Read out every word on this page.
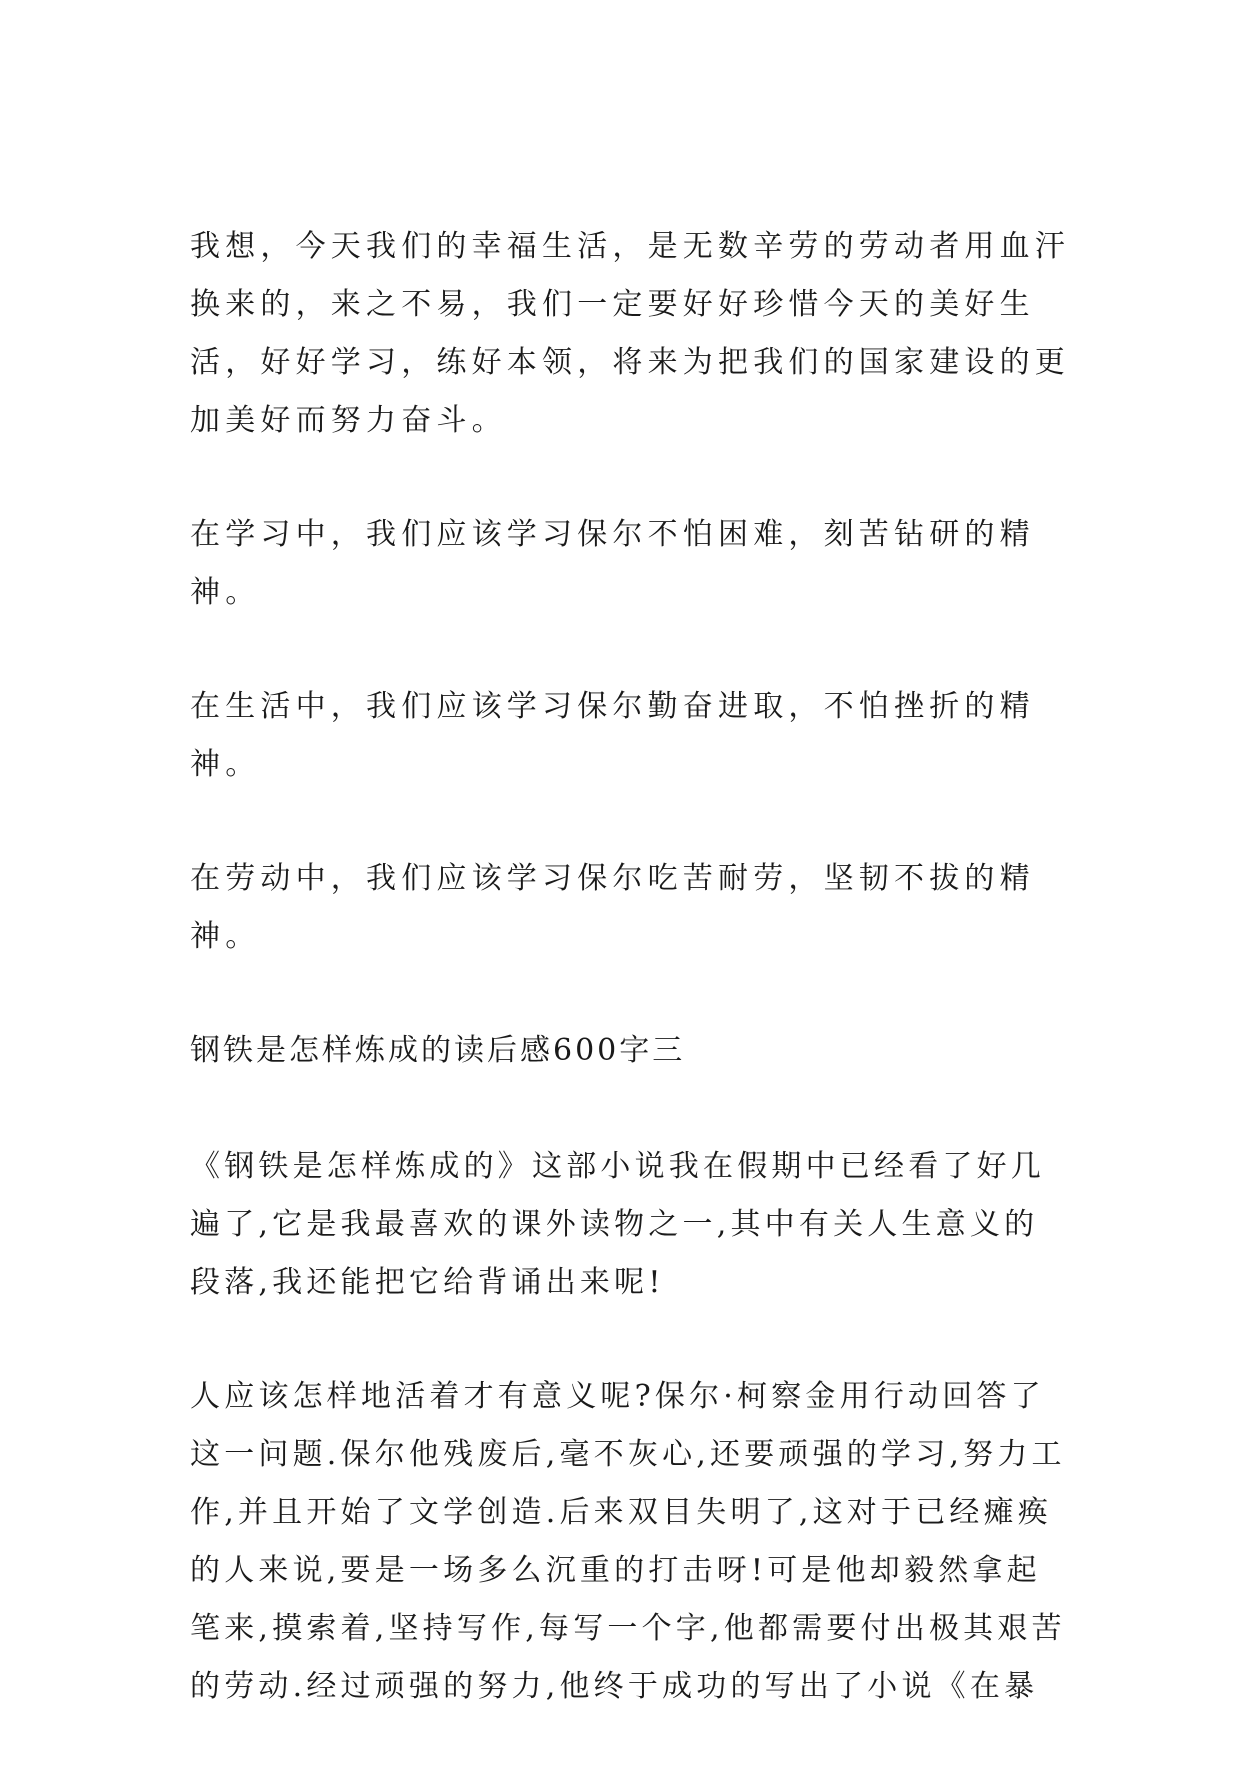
我想，今天我们的幸福生活，是无数辛劳的劳动者用血汗换来的，来之不易，我们一定要好好珍惜今天的美好生活，好好学习，练好本领，将来为把我们的国家建设的更加美好而努力奋斗。

在学习中，我们应该学习保尔不怕困难，刻苦钻研的精神。

在生活中，我们应该学习保尔勤奋进取，不怕挫折的精神。

在劳动中，我们应该学习保尔吃苦耐劳，坚韧不拔的精神。

钢铁是怎样炼成的读后感600字三

《钢铁是怎样炼成的》这部小说我在假期中已经看了好几遍了,它是我最喜欢的课外读物之一,其中有关人生意义的段落,我还能把它给背诵出来呢!

人应该怎样地活着才有意义呢?保尔·柯察金用行动回答了这一问题.保尔他残废后,毫不灰心,还要顽强的学习,努力工作,并且开始了文学创造.后来双目失明了,这对于已经瘫痪的人来说,要是一场多么沉重的打击呀!可是他却毅然拿起笔来,摸索着,坚持写作,每写一个字,他都需要付出极其艰苦的劳动.经过顽强的努力,他终于成功的写出了小说《在暴
